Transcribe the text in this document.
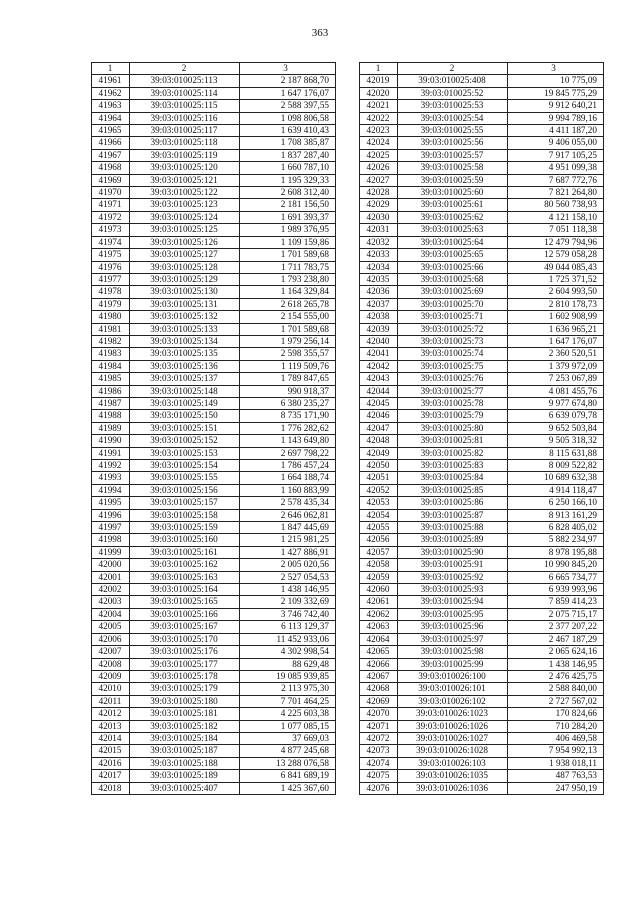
363
1	2	3
41961	39:03:010025:113	2 187 868,70
41962	39:03:010025:114	1 647 176,07
41963	39:03:010025:115	2 588 397,55
41964	39:03:010025:116	1 098 806,58
41965	39:03:010025:117	1 639 410,43
41966	39:03:010025:118	1 708 385,87
41967	39:03:010025:119	1 837 287,40
41968	39:03:010025:120	1 660 787,10
41969	39:03:010025:121	1 195 329,33
41970	39:03:010025:122	2 608 312,40
41971	39:03:010025:123	2 181 156,50
41972	39:03:010025:124	1 691 393,37
41973	39:03:010025:125	1 989 376,95
41974	39:03:010025:126	1 109 159,86
41975	39:03:010025:127	1 701 589,68
41976	39:03:010025:128	1 711 783,75
41977	39:03:010025:129	1 793 238,80
41978	39:03:010025:130	1 164 329,84
41979	39:03:010025:131	2 618 265,78
41980	39:03:010025:132	2 154 555,00
41981	39:03:010025:133	1 701 589,68
41982	39:03:010025:134	1 979 256,14
41983	39:03:010025:135	2 598 355,57
41984	39:03:010025:136	1 119 509,76
41985	39:03:010025:137	1 789 847,65
41986	39:03:010025:148	990 918,37
41987	39:03:010025:149	6 380 235,27
41988	39:03:010025:150	8 735 171,90
41989	39:03:010025:151	1 776 282,62
41990	39:03:010025:152	1 143 649,80
41991	39:03:010025:153	2 697 798,22
41992	39:03:010025:154	1 786 457,24
41993	39:03:010025:155	1 664 188,74
41994	39:03:010025:156	1 160 883,99
41995	39:03:010025:157	2 578 435,34
41996	39:03:010025:158	2 646 062,81
41997	39:03:010025:159	1 847 445,69
41998	39:03:010025:160	1 215 981,25
41999	39:03:010025:161	1 427 886,91
42000	39:03:010025:162	2 005 020,56
42001	39:03:010025:163	2 527 054,53
42002	39:03:010025:164	1 438 146,95
42003	39:03:010025:165	2 109 332,69
42004	39:03:010025:166	3 746 742,40
42005	39:03:010025:167	6 113 129,37
42006	39:03:010025:170	11 452 933,06
42007	39:03:010025:176	4 302 998,54
42008	39:03:010025:177	88 629,48
42009	39:03:010025:178	19 085 939,85
42010	39:03:010025:179	2 113 975,30
42011	39:03:010025:180	7 701 464,25
42012	39:03:010025:181	4 225 603,38
42013	39:03:010025:182	1 077 085,15
42014	39:03:010025:184	37 669,03
42015	39:03:010025:187	4 877 245,68
42016	39:03:010025:188	13 288 076,58
42017	39:03:010025:189	6 841 689,19
42018	39:03:010025:407	1 425 367,60
1	2	3
42019	39:03:010025:408	10 775,09
42020	39:03:010025:52	19 845 775,29
42021	39:03:010025:53	9 912 640,21
42022	39:03:010025:54	9 994 789,16
42023	39:03:010025:55	4 411 187,20
42024	39:03:010025:56	9 406 055,00
42025	39:03:010025:57	7 917 105,25
42026	39:03:010025:58	4 951 099,38
42027	39:03:010025:59	7 687 772,76
42028	39:03:010025:60	7 821 264,80
42029	39:03:010025:61	80 560 738,93
42030	39:03:010025:62	4 121 158,10
42031	39:03:010025:63	7 051 118,38
42032	39:03:010025:64	12 479 794,96
42033	39:03:010025:65	12 579 058,28
42034	39:03:010025:66	49 044 085,43
42035	39:03:010025:68	1 725 371,52
42036	39:03:010025:69	2 604 993,50
42037	39:03:010025:70	2 810 178,73
42038	39:03:010025:71	1 602 908,99
42039	39:03:010025:72	1 636 965,21
42040	39:03:010025:73	1 647 176,07
42041	39:03:010025:74	2 360 520,51
42042	39:03:010025:75	1 379 972,09
42043	39:03:010025:76	7 253 067,89
42044	39:03:010025:77	4 081 455,76
42045	39:03:010025:78	9 977 674,80
42046	39:03:010025:79	6 639 079,78
42047	39:03:010025:80	9 652 503,84
42048	39:03:010025:81	9 505 318,32
42049	39:03:010025:82	8 115 631,88
42050	39:03:010025:83	8 009 522,82
42051	39:03:010025:84	10 689 632,38
42052	39:03:010025:85	4 914 118,47
42053	39:03:010025:86	6 250 166,10
42054	39:03:010025:87	8 913 161,29
42055	39:03:010025:88	6 828 405,02
42056	39:03:010025:89	5 882 234,97
42057	39:03:010025:90	8 978 195,88
42058	39:03:010025:91	10 990 845,20
42059	39:03:010025:92	6 665 734,77
42060	39:03:010025:93	6 939 993,96
42061	39:03:010025:94	7 859 414,23
42062	39:03:010025:95	2 075 715,17
42063	39:03:010025:96	2 377 207,22
42064	39:03:010025:97	2 467 187,29
42065	39:03:010025:98	2 065 624,16
42066	39:03:010025:99	1 438 146,95
42067	39:03:010026:100	2 476 425,75
42068	39:03:010026:101	2 588 840,00
42069	39:03:010026:102	2 727 567,02
42070	39:03:010026:1023	170 824,66
42071	39:03:010026:1026	710 284,20
42072	39:03:010026:1027	406 469,58
42073	39:03:010026:1028	7 954 992,13
42074	39:03:010026:103	1 938 018,11
42075	39:03:010026:1035	487 763,53
42076	39:03:010026:1036	247 950,19
